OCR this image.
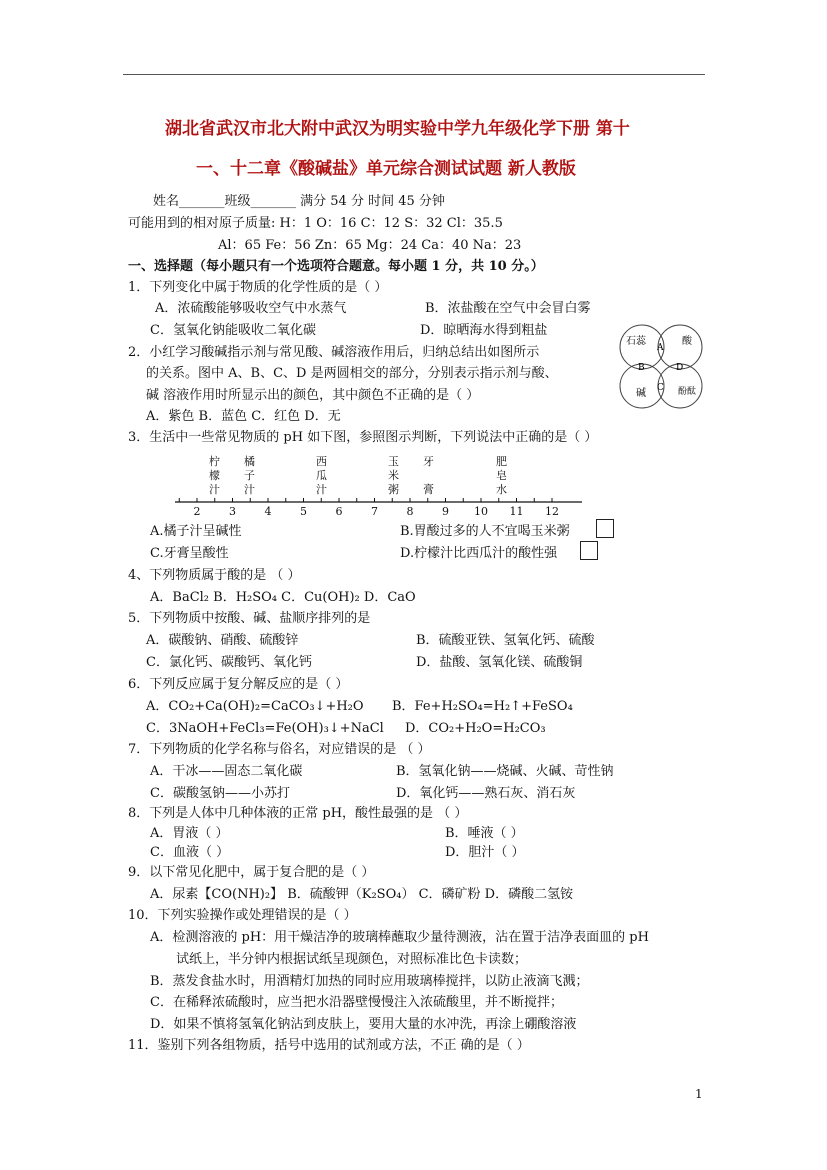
湖北省武汉市北大附中武汉为明实验中学九年级化学下册 第十
一、十二章《酸碱盐》单元综合测试试题 新人教版
姓名_______班级_______ 满分 54 分 时间 45 分钟
可能用到的相对原子质量: H：1 O：16 C：12 S：32 Cl：35.5
Al：65 Fe：56 Zn：65 Mg：24 Ca：40 Na：23
一、选择题（每小题只有一个选项符合题意。每小题 1 分，共 10 分。）
1．下列变化中属于物质的化学性质的是（ ）
A．浓硫酸能够吸收空气中水蒸气	B．浓盐酸在空气中会冒白雾
C．氢氧化钠能吸收二氧化碳	D．晾晒海水得到粗盐
石蕊	酸
碱	酚酞
A
B
C
D
2．小红学习酸碱指示剂与常见酸、碱溶液作用后，归纳总结出如图所示
的关系。图中 A、B、C、D 是两圆相交的部分，分别表示指示剂与酸、
碱 溶液作用时所显示出的颜色，其中颜色不正确的是（ ）
A．紫色 B．蓝色 C．红色 D．无
3．生活中一些常见物质的 pH 如下图，参照图示判断，下列说法中正确的是（ ）
柠檬汁
橘子汁
西瓜汁
玉米粥
牙膏
肥皂水
2	3	4	5	6	7	8	9 10 11 12
A.橘子汁呈碱性	B.胃酸过多的人不宜喝玉米粥
C.牙膏呈酸性	D.柠檬汁比西瓜汁的酸性强
4、下列物质属于酸的是 （ ）
A．BaCl₂ B．H₂SO₄ C．Cu(OH)₂ D．CaO
5．下列物质中按酸、碱、盐顺序排列的是
A．碳酸钠、硝酸、硫酸锌	B．硫酸亚铁、氢氧化钙、硫酸
C．氯化钙、碳酸钙、氧化钙	D．盐酸、氢氧化镁、硫酸铜
6．下列反应属于复分解反应的是（ ）
A．CO₂+Ca(OH)₂=CaCO₃↓+H₂O B．Fe+H₂SO₄=H₂↑+FeSO₄
C．3NaOH+FeCl₃=Fe(OH)₃↓+NaCl D．CO₂+H₂O=H₂CO₃
7．下列物质的化学名称与俗名，对应错误的是 （ ）
A．干冰——固态二氧化碳	B．氢氧化钠——烧碱、火碱、苛性钠
C．碳酸氢钠——小苏打	D．氧化钙——熟石灰、消石灰
8．下列是人体中几种体液的正常 pH，酸性最强的是 （ ）
A．胃液（ ）	B．唾液（ ）
C．血液（ ）	D．胆汁（ ）
9．以下常见化肥中，属于复合肥的是（ ）
A．尿素【CO(NH)₂】 B．硫酸钾（K₂SO₄） C．磷矿粉 D．磷酸二氢铵
10．下列实验操作或处理错误的是（ ）
A．检测溶液的 pH：用干燥洁净的玻璃棒蘸取少量待测液，沾在置于洁净表面皿的 pH
试纸上，半分钟内根据试纸呈现颜色，对照标准比色卡读数；
B．蒸发食盐水时，用酒精灯加热的同时应用玻璃棒搅拌，以防止液滴飞溅；
C．在稀释浓硫酸时，应当把水沿器壁慢慢注入浓硫酸里，并不断搅拌；
D．如果不慎将氢氧化钠沾到皮肤上，要用大量的水冲洗，再涂上硼酸溶液
11．鉴别下列各组物质，括号中选用的试剂或方法，不正 确的是（ ）
1
